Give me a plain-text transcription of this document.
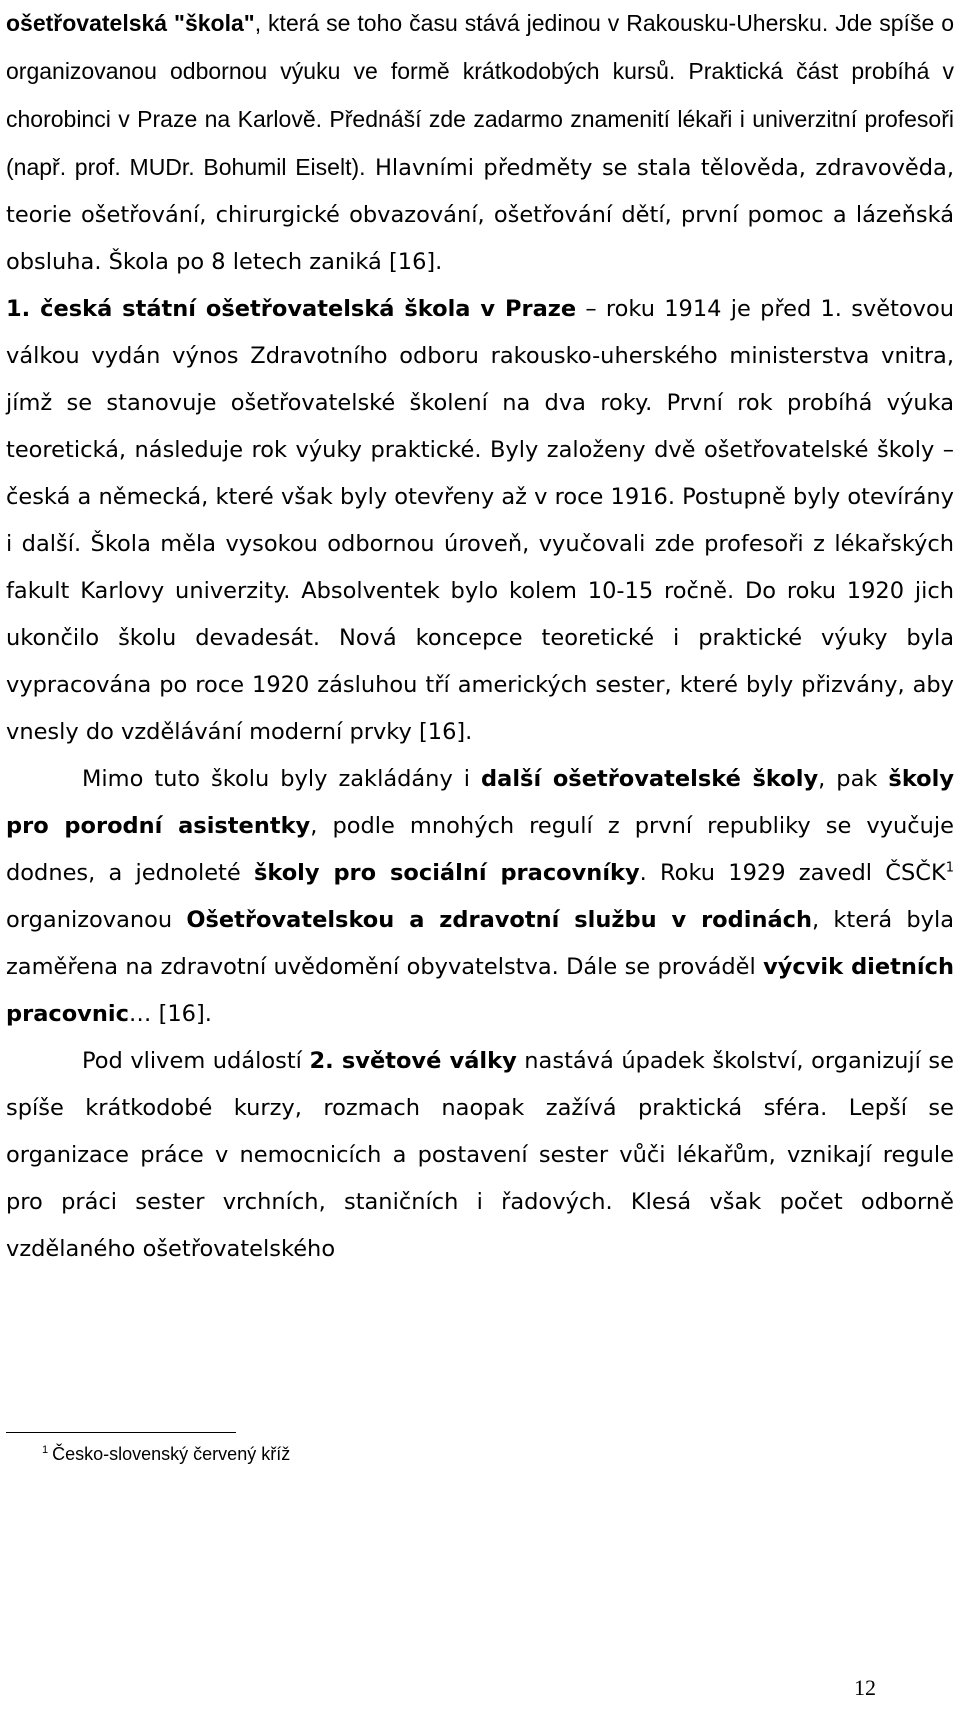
ošetřovatelská "škola", která se toho času stává jedinou v Rakousku-Uhersku. Jde spíše o organizovanou odbornou výuku ve formě krátkodobých kursů. Praktická část probíhá v chorobinci v Praze na Karlově. Přednáší zde zadarmo znamenití lékaři i univerzitní profesoři (např. prof. MUDr. Bohumil Eiselt). Hlavními předměty se stala tělověda, zdravověda, teorie ošetřování, chirurgické obvazování, ošetřování dětí, první pomoc a lázeňská obsluha. Škola po 8 letech zaniká [16].

1. česká státní ošetřovatelská škola v Praze – roku 1914 je před 1. světovou válkou vydán výnos Zdravotního odboru rakousko-uherského ministerstva vnitra, jímž se stanovuje ošetřovatelské školení na dva roky. První rok probíhá výuka teoretická, následuje rok výuky praktické. Byly založeny dvě ošetřovatelské školy – česká a německá, které však byly otevřeny až v roce 1916. Postupně byly otevírány i další. Škola měla vysokou odbornou úroveň, vyučovali zde profesoři z lékařských fakult Karlovy univerzity. Absolventek bylo kolem 10-15 ročně. Do roku 1920 jich ukončilo školu devadesát. Nová koncepce teoretické i praktické výuky byla vypracována po roce 1920 zásluhou tří amerických sester, které byly přizvány, aby vnesly do vzdělávání moderní prvky [16].

Mimo tuto školu byly zakládány i další ošetřovatelské školy, pak školy pro porodní asistentky, podle mnohých regulí z první republiky se vyučuje dodnes, a jednoleté školy pro sociální pracovníky. Roku 1929 zavedl ČSČK$^1$ organizovanou Ošetřovatelskou a zdravotní službu v rodinách, která byla zaměřena na zdravotní uvědomění obyvatelstva. Dále se prováděl výcvik dietních pracovnic… [16].

Pod vlivem událostí 2. světové války nastává úpadek školství, organizují se spíše krátkodobé kurzy, rozmach naopak zažívá praktická sféra. Lepší se organizace práce v nemocnicích a postavení sester vůči lékařům, vznikají regule pro práci sester vrchních, staničních i řadových. Klesá však počet odborně vzdělaného ošetřovatelského

$^1$ Česko-slovenský červený kříž
12
